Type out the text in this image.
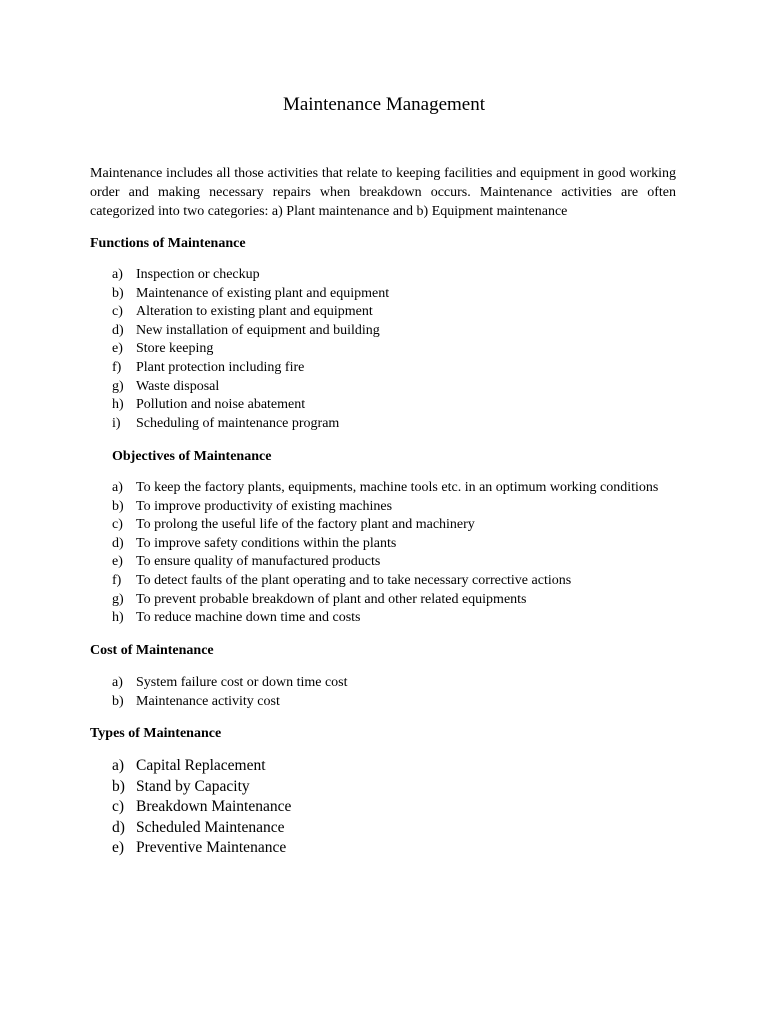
Maintenance Management

Maintenance includes all those activities that relate to keeping facilities and equipment in good working order and making necessary repairs when breakdown occurs. Maintenance activities are often categorized into two categories: a) Plant maintenance and b) Equipment maintenance

Functions of Maintenance
a) Inspection or checkup
b) Maintenance of existing plant and equipment
c) Alteration to existing plant and equipment
d) New installation of equipment and building
e) Store keeping
f) Plant protection including fire
g) Waste disposal
h) Pollution and noise abatement
i) Scheduling of maintenance program
Objectives of Maintenance
a) To keep the factory plants, equipments, machine tools etc. in an optimum working conditions
b) To improve productivity of existing machines
c) To prolong the useful life of the factory plant and machinery
d) To improve safety conditions within the plants
e) To ensure quality of manufactured products
f) To detect faults of the plant operating and to take necessary corrective actions
g) To prevent probable breakdown of plant and other related equipments
h) To reduce machine down time and costs
Cost of Maintenance
a) System failure cost or down time cost
b) Maintenance activity cost
Types of Maintenance
a) Capital Replacement
b) Stand by Capacity
c) Breakdown Maintenance
d) Scheduled Maintenance
e) Preventive Maintenance
